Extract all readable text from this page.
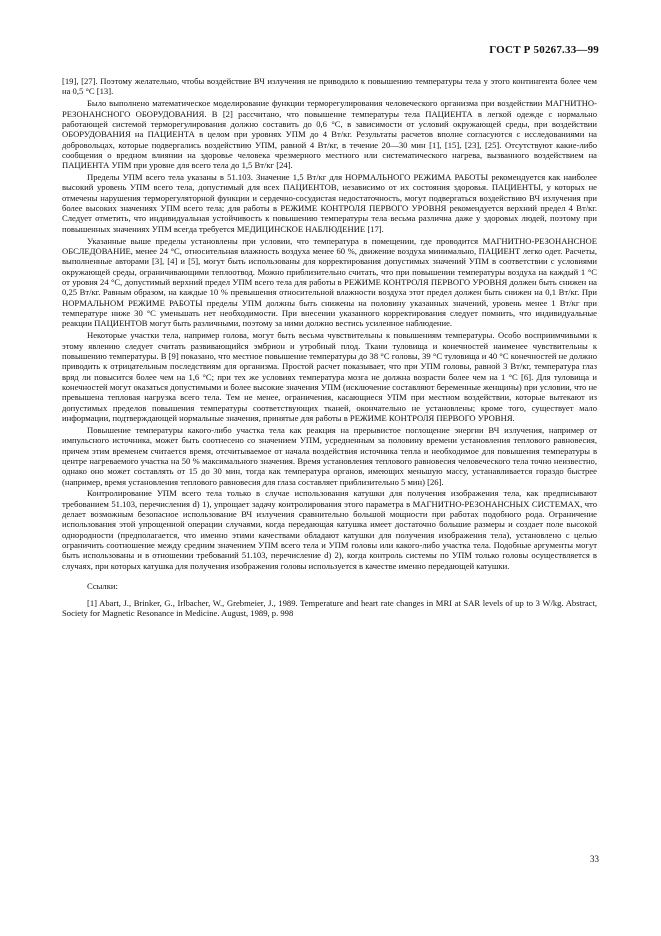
ГОСТ Р 50267.33—99

[19], [27]. Поэтому желательно, чтобы воздействие ВЧ излучения не приводило к повышению температуры тела у этого контингента более чем на 0,5 °С [13].

Было выполнено математическое моделирование функции терморегулирования человеческого организма при воздействии МАГНИТНО-РЕЗОНАНСНОГО ОБОРУДОВАНИЯ. В [2] рассчитано, что повышение температуры тела ПАЦИЕНТА в легкой одежде с нормально работающей системой терморегулирования должно составить до 0,6 °С, в зависимости от условий окружающей среды, при воздействии ОБОРУДОВАНИЯ на ПАЦИЕНТА в целом при уровнях УПМ до 4 Вт/кг. Результаты расчетов вполне согласуются с исследованиями на добровольцах, которые подвергались воздействию УПМ, равной 4 Вт/кг, в течение 20—30 мин [1], [15], [23], [25]. Отсутствуют какие-либо сообщения о вредном влиянии на здоровье человека чрезмерного местного или систематического нагрева, вызванного воздействием на ПАЦИЕНТА УПМ при уровне для всего тела до 1,5 Вт/кг [24].

Пределы УПМ всего тела указаны в 51.103. Значение 1,5 Вт/кг для НОРМАЛЬНОГО РЕЖИМА РАБОТЫ рекомендуется как наиболее высокий уровень УПМ всего тела, допустимый для всех ПАЦИЕНТОВ, независимо от их состояния здоровья. ПАЦИЕНТЫ, у которых не отмечены нарушения терморегуляторной функции и сердечно-сосудистая недостаточность, могут подвергаться воздействию ВЧ излучения при более высоких значениях УПМ всего тела; для работы в РЕЖИМЕ КОНТРОЛЯ ПЕРВОГО УРОВНЯ рекомендуется верхний предел 4 Вт/кг. Следует отметить, что индивидуальная устойчивость к повышению температуры тела весьма различна даже у здоровых людей, поэтому при повышенных значениях УПМ всегда требуется МЕДИЦИНСКОЕ НАБЛЮДЕНИЕ [17].

Указанные выше пределы установлены при условии, что температура в помещении, где проводится МАГНИТНО-РЕЗОНАНСНОЕ ОБСЛЕДОВАНИЕ, менее 24 °С, относительная влажность воздуха менее 60 %, движение воздуха минимально, ПАЦИЕНТ легко одет. Расчеты, выполненные авторами [3], [4] и [5], могут быть использованы для корректирования допустимых значений УПМ в соответствии с условиями окружающей среды, ограничивающими теплоотвод. Можно приблизительно считать, что при повышении температуры воздуха на каждый 1 °С от уровня 24 °С, допустимый верхний предел УПМ всего тела для работы в РЕЖИМЕ КОНТРОЛЯ ПЕРВОГО УРОВНЯ должен быть снижен на 0,25 Вт/кг. Равным образом, на каждые 10 % превышения относительной влажности воздуха этот предел должен быть снижен на 0,1 Вт/кг. При НОРМАЛЬНОМ РЕЖИМЕ РАБОТЫ пределы УПМ должны быть снижены на половину указанных значений, уровень менее 1 Вт/кг при температуре ниже 30 °С уменьшать нет необходимости. При внесении указанного корректирования следует помнить, что индивидуальные реакции ПАЦИЕНТОВ могут быть различными, поэтому за ними должно вестись усиленное наблюдение.

Некоторые участки тела, например голова, могут быть весьма чувствительны к повышениям температуры. Особо восприимчивыми к этому явлению следует считать развивающийся эмбрион и утробный плод. Ткани туловища и конечностей наименее чувствительны к повышению температуры. В [9] показано, что местное повышение температуры до 38 °С головы, 39 °С туловища и 40 °С конечностей не должно приводить к отрицательным последствиям для организма. Простой расчет показывает, что при УПМ головы, равной 3 Вт/кг, температура глаз вряд ли повысится более чем на 1,6 °С; при тех же условиях температура мозга не должна возрасти более чем на 1 °С [6]. Для туловища и конечностей могут оказаться допустимыми и более высокие значения УПМ (исключение составляют беременные женщины) при условии, что не превышена тепловая нагрузка всего тела. Тем не менее, ограничения, касающиеся УПМ при местном воздействии, которые вытекают из допустимых пределов повышения температуры соответствующих тканей, окончательно не установлены; кроме того, существует мало информации, подтверждающей нормальные значения, принятые для работы в РЕЖИМЕ КОНТРОЛЯ ПЕРВОГО УРОВНЯ.

Повышение температуры какого-либо участка тела как реакция на прерывистое поглощение энергии ВЧ излучения, например от импульсного источника, может быть соотнесено со значением УПМ, усредненным за половину времени установления теплового равновесия, причем этим временем считается время, отсчитываемое от начала воздействия источника тепла и необходимое для повышения температуры в центре нагреваемого участка на 50 % максимального значения. Время установления теплового равновесия человеческого тела точно неизвестно, однако оно может составлять от 15 до 30 мин, тогда как температура органов, имеющих меньшую массу, устанавливается гораздо быстрее (например, время установления теплового равновесия для глаза составляет приблизительно 5 мин) [26].

Контролирование УПМ всего тела только в случае использования катушки для получения изображения тела, как предписывают требованием 51.103, перечисления d) 1), упрощает задачу контролирования этого параметра в МАГНИТНО-РЕЗОНАНСНЫХ СИСТЕМАХ, что делает возможным безопасное использование ВЧ излучения сравнительно большой мощности при работах подобного рода. Ограничение использования этой упрощенной операции случаями, когда передающая катушка имеет достаточно большие размеры и создает поле высокой однородности (предполагается, что именно этими качествами обладают катушки для получения изображения тела), установлено с целью ограничить соотношение между средним значением УПМ всего тела и УПМ головы или какого-либо участка тела. Подобные аргументы могут быть использованы и в отношении требований 51.103, перечисление d) 2), когда контроль системы по УПМ только головы осуществляется в случаях, при которых катушка для получения изображения головы используется в качестве именно передающей катушки.

Ссылки:

[1] Abart, J., Brinker, G., Irlbacher, W., Grebmeier, J., 1989. Temperature and heart rate changes in MRI at SAR levels of up to 3 W/kg. Abstract, Society for Magnetic Resonance in Medicine. August, 1989, p. 998

33
